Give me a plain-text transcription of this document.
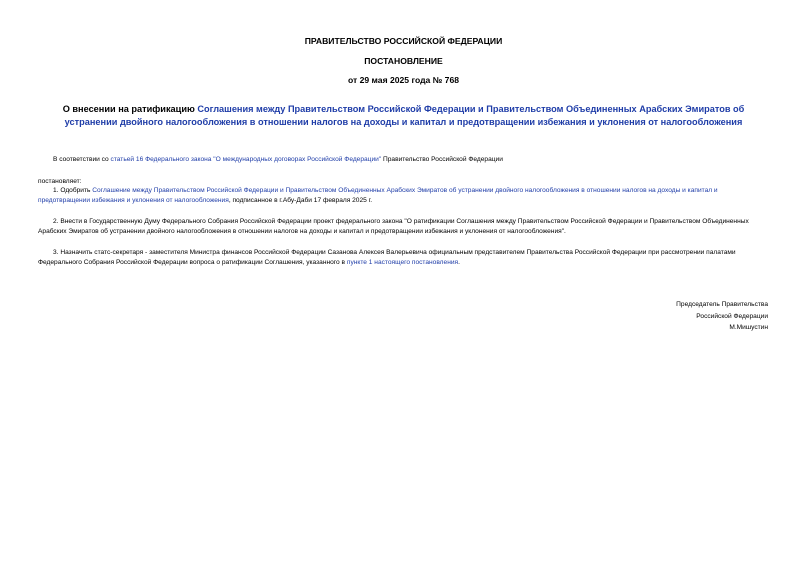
ПРАВИТЕЛЬСТВО РОССИЙСКОЙ ФЕДЕРАЦИИ
ПОСТАНОВЛЕНИЕ
от 29 мая 2025 года № 768
О внесении на ратификацию Соглашения между Правительством Российской Федерации и Правительством Объединенных Арабских Эмиратов об устранении двойного налогообложения в отношении налогов на доходы и капитал и предотвращении избежания и уклонения от налогообложения
В соответствии со статьей 16 Федерального закона "О международных договорах Российской Федерации" Правительство Российской Федерации
постановляет:
1. Одобрить Соглашение между Правительством Российской Федерации и Правительством Объединенных Арабских Эмиратов об устранении двойного налогообложения в отношении налогов на доходы и капитал и предотвращении избежания и уклонения от налогообложения, подписанное в г.Абу-Даби 17 февраля 2025 г.
2. Внести в Государственную Думу Федерального Собрания Российской Федерации проект федерального закона "О ратификации Соглашения между Правительством Российской Федерации и Правительством Объединенных Арабских Эмиратов об устранении двойного налогообложения в отношении налогов на доходы и капитал и предотвращении избежания и уклонения от налогообложения".
3. Назначить статс-секретаря - заместителя Министра финансов Российской Федерации Сазанова Алексея Валерьевича официальным представителем Правительства Российской Федерации при рассмотрении палатами Федерального Собрания Российской Федерации вопроса о ратификации Соглашения, указанного в пункте 1 настоящего постановления.
Председатель Правительства
Российской Федерации
М.Мишустин
